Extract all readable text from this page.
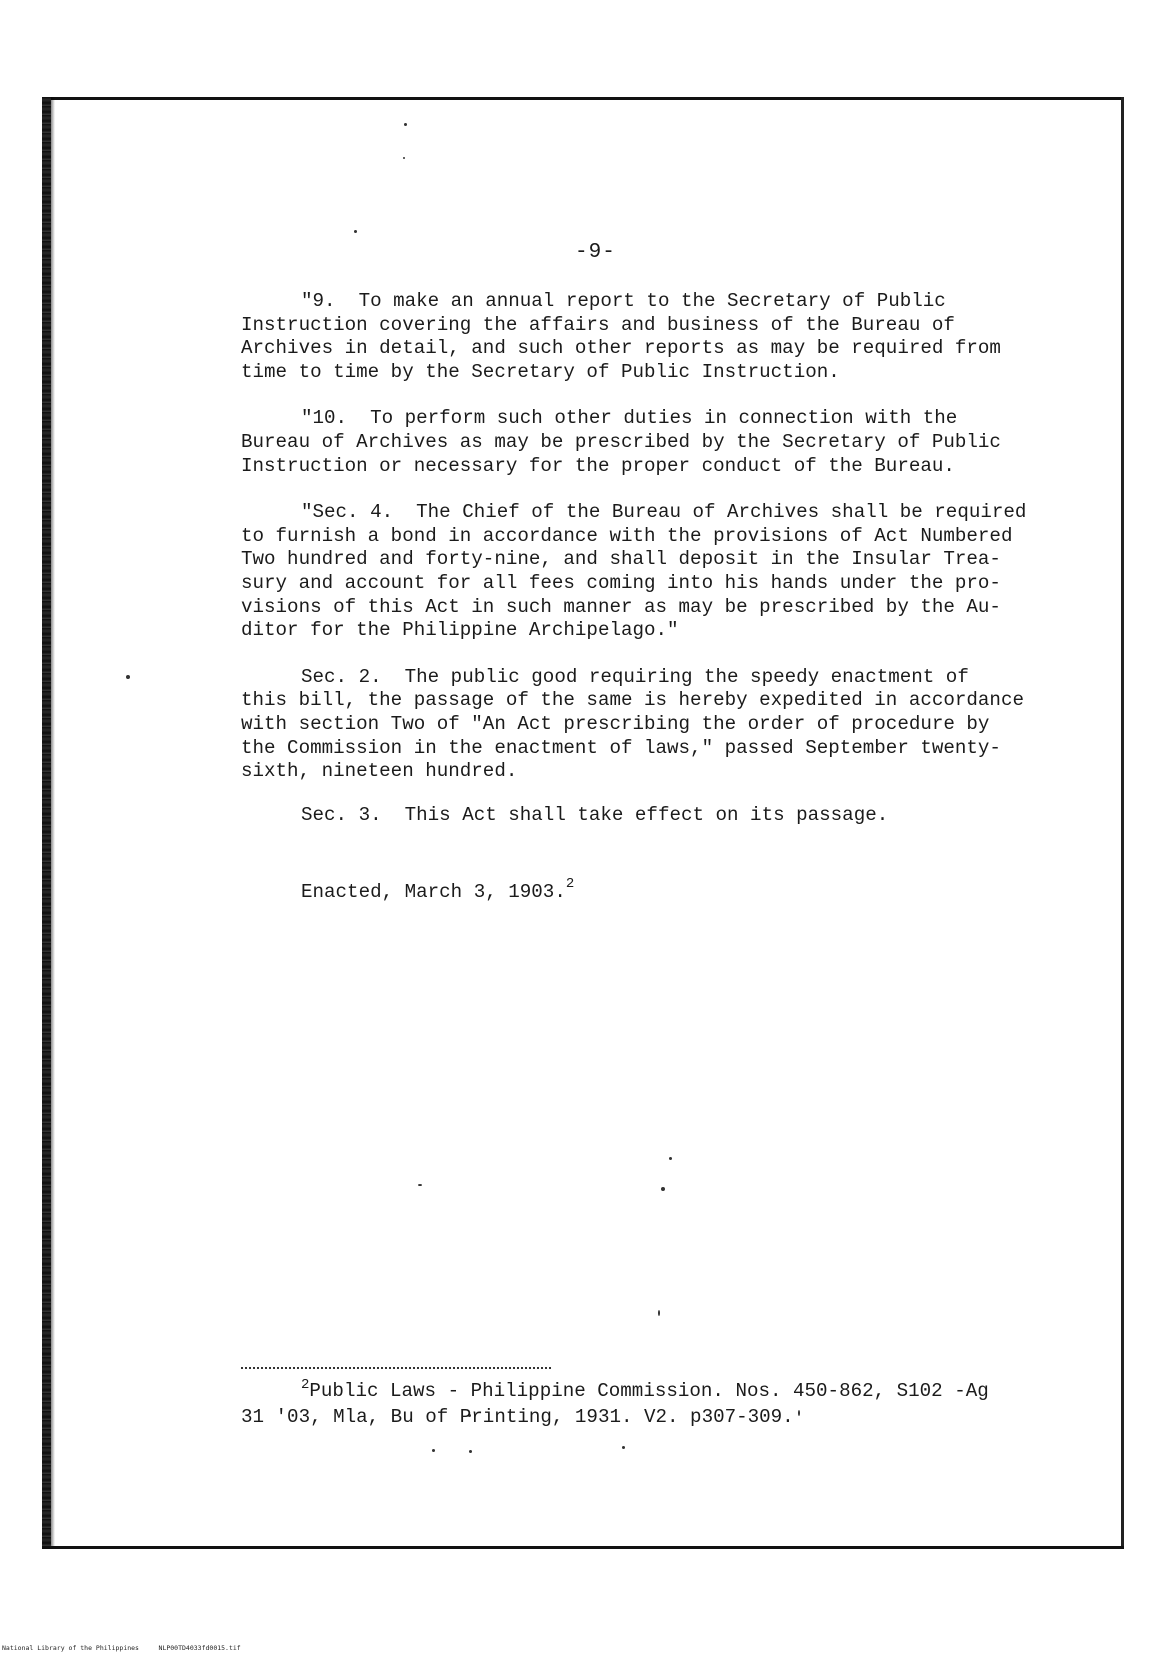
-9-
"9.  To make an annual report to the Secretary of Public
Instruction covering the affairs and business of the Bureau of
Archives in detail, and such other reports as may be required from
time to time by the Secretary of Public Instruction.
"10.  To perform such other duties in connection with the
Bureau of Archives as may be prescribed by the Secretary of Public
Instruction or necessary for the proper conduct of the Bureau.
"Sec. 4.  The Chief of the Bureau of Archives shall be required
to furnish a bond in accordance with the provisions of Act Numbered
Two hundred and forty-nine, and shall deposit in the Insular Trea-
sury and account for all fees coming into his hands under the pro-
visions of this Act in such manner as may be prescribed by the Au-
ditor for the Philippine Archipelago."
Sec. 2.  The public good requiring the speedy enactment of
this bill, the passage of the same is hereby expedited in accordance
with section Two of "An Act prescribing the order of procedure by
the Commission in the enactment of laws," passed September twenty-
sixth, nineteen hundred.
Sec. 3.  This Act shall take effect on its passage.
Enacted, March 3, 1903.$^2$
$^2$Public Laws - Philippine Commission. Nos. 450-862, S102 -Ag
31 '03, Mla, Bu of Printing, 1931. V2. p307-309.
National Library of the Philippines     NLP00TD4033fd0015.tif
